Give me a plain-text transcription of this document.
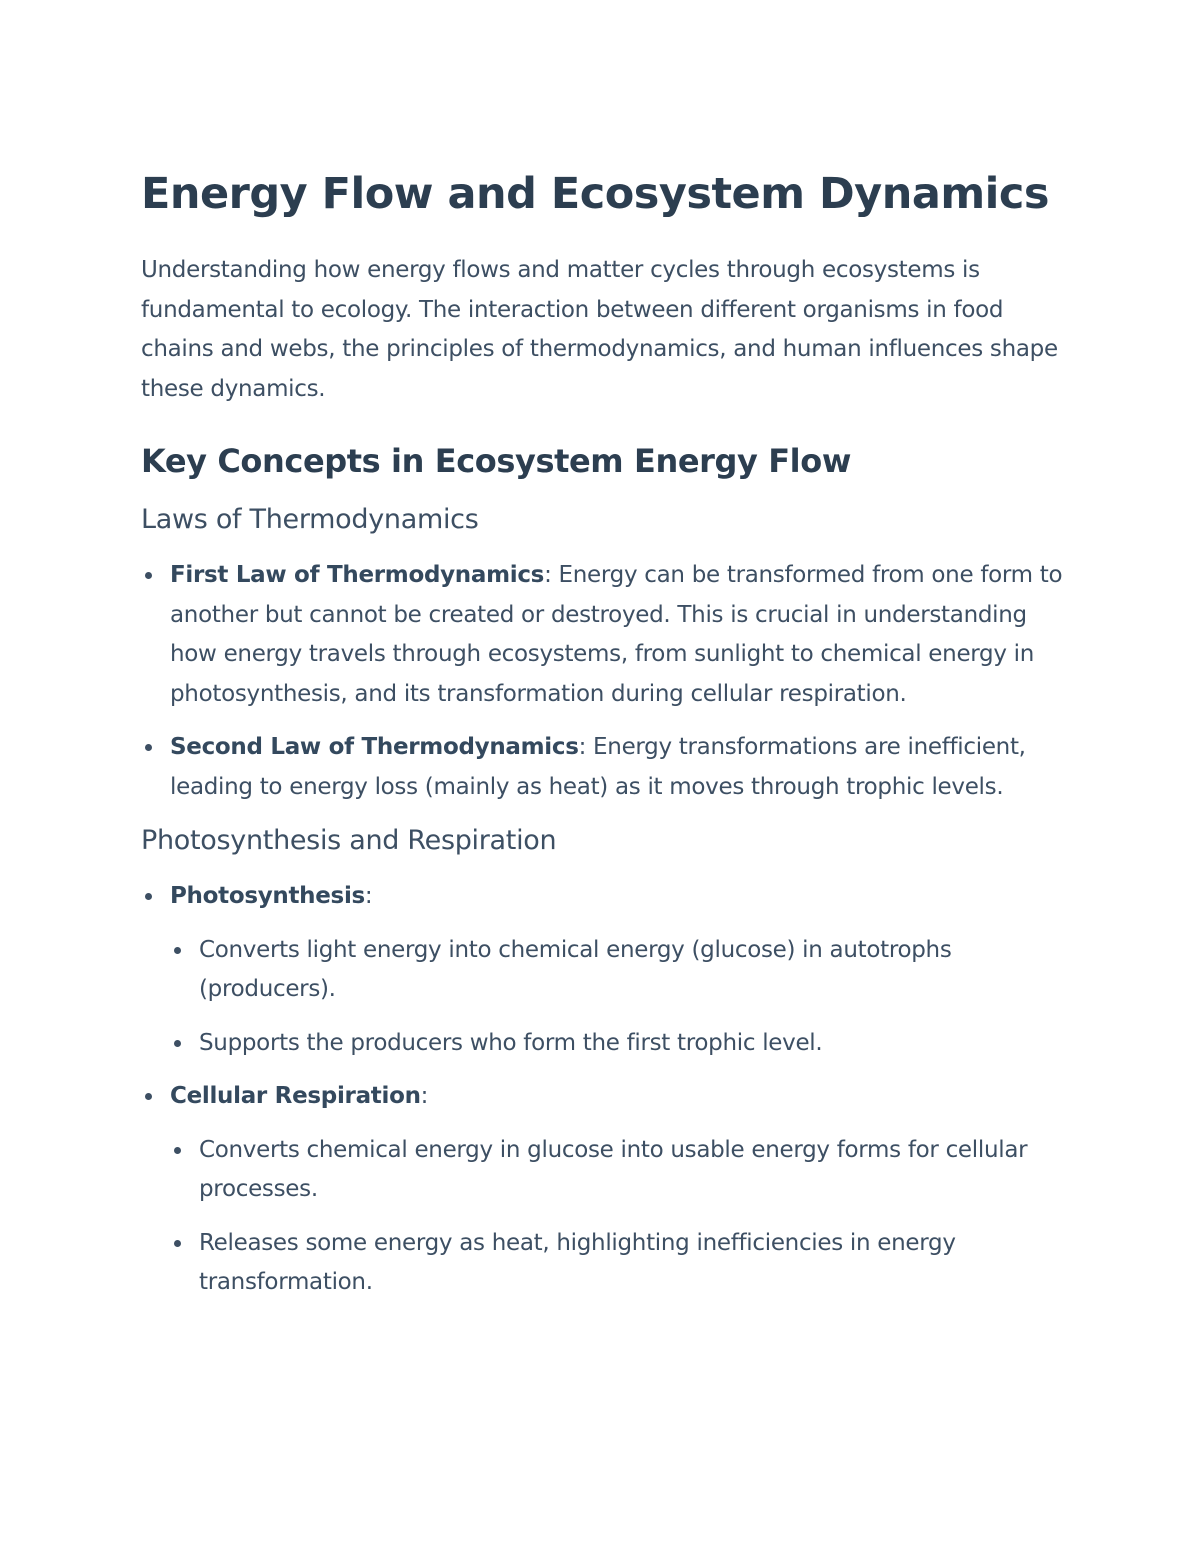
Energy Flow and Ecosystem Dynamics

Understanding how energy flows and matter cycles through ecosystems is fundamental to ecology. The interaction between different organisms in food chains and webs, the principles of thermodynamics, and human influences shape these dynamics.

Key Concepts in Ecosystem Energy Flow
Laws of Thermodynamics
First Law of Thermodynamics: Energy can be transformed from one form to another but cannot be created or destroyed. This is crucial in understanding how energy travels through ecosystems, from sunlight to chemical energy in photosynthesis, and its transformation during cellular respiration.
Second Law of Thermodynamics: Energy transformations are inefficient, leading to energy loss (mainly as heat) as it moves through trophic levels.
Photosynthesis and Respiration
Photosynthesis:
Converts light energy into chemical energy (glucose) in autotrophs (producers).
Supports the producers who form the first trophic level.
Cellular Respiration:
Converts chemical energy in glucose into usable energy forms for cellular processes.
Releases some energy as heat, highlighting inefficiencies in energy transformation.
